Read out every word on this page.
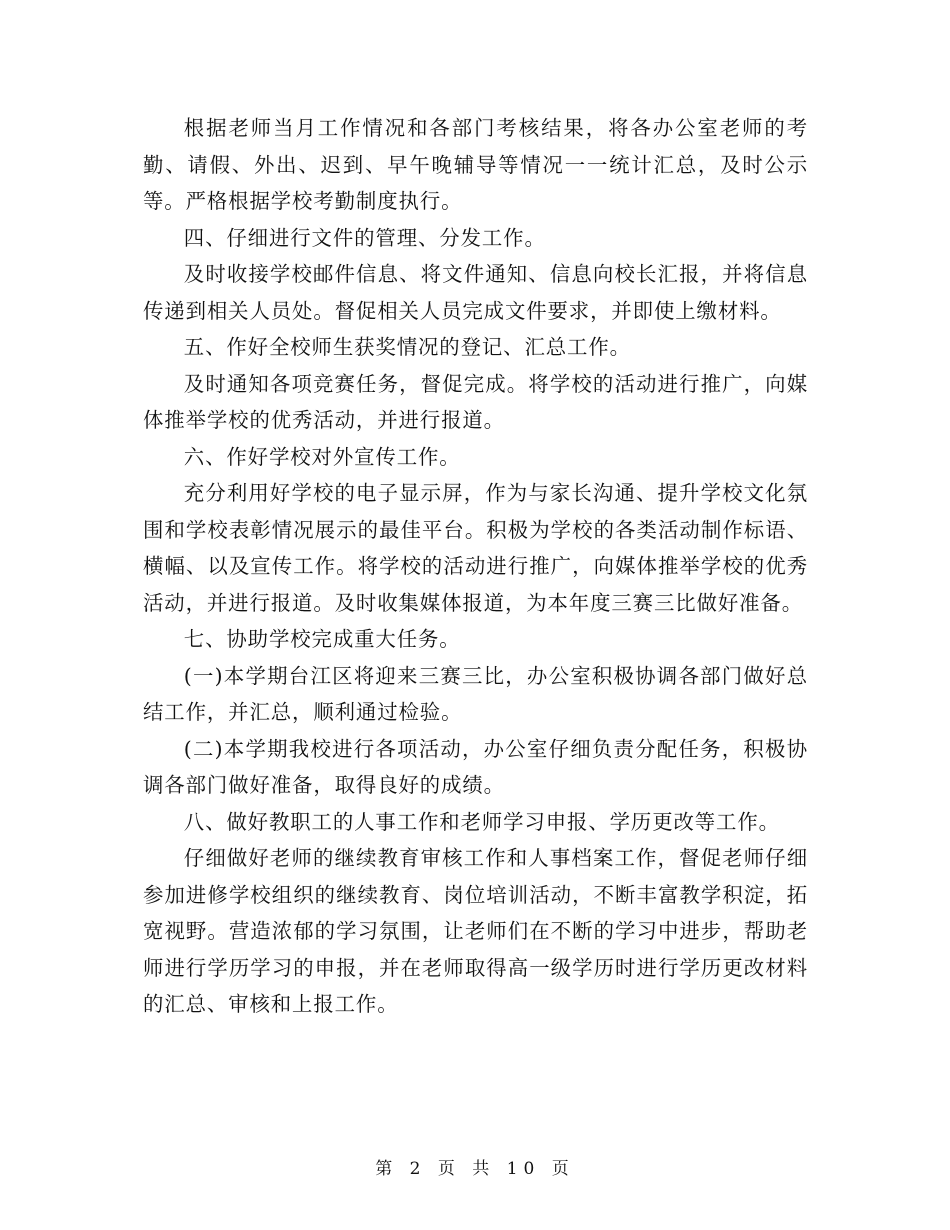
根据老师当月工作情况和各部门考核结果，将各办公室老师的考勤、请假、外出、迟到、早午晚辅导等情况一一统计汇总，及时公示等。严格根据学校考勤制度执行。

四、仔细进行文件的管理、分发工作。

及时收接学校邮件信息、将文件通知、信息向校长汇报，并将信息传递到相关人员处。督促相关人员完成文件要求，并即使上缴材料。

五、作好全校师生获奖情况的登记、汇总工作。

及时通知各项竞赛任务，督促完成。将学校的活动进行推广，向媒体推举学校的优秀活动，并进行报道。

六、作好学校对外宣传工作。

充分利用好学校的电子显示屏，作为与家长沟通、提升学校文化氛围和学校表彰情况展示的最佳平台。积极为学校的各类活动制作标语、横幅、以及宣传工作。将学校的活动进行推广，向媒体推举学校的优秀活动，并进行报道。及时收集媒体报道，为本年度三赛三比做好准备。

七、协助学校完成重大任务。

(一)本学期台江区将迎来三赛三比，办公室积极协调各部门做好总结工作，并汇总，顺利通过检验。

(二)本学期我校进行各项活动，办公室仔细负责分配任务，积极协调各部门做好准备，取得良好的成绩。

八、做好教职工的人事工作和老师学习申报、学历更改等工作。

仔细做好老师的继续教育审核工作和人事档案工作，督促老师仔细参加进修学校组织的继续教育、岗位培训活动，不断丰富教学积淀，拓宽视野。营造浓郁的学习氛围，让老师们在不断的学习中进步，帮助老师进行学历学习的申报，并在老师取得高一级学历时进行学历更改材料的汇总、审核和上报工作。

第 2 页 共 10 页
